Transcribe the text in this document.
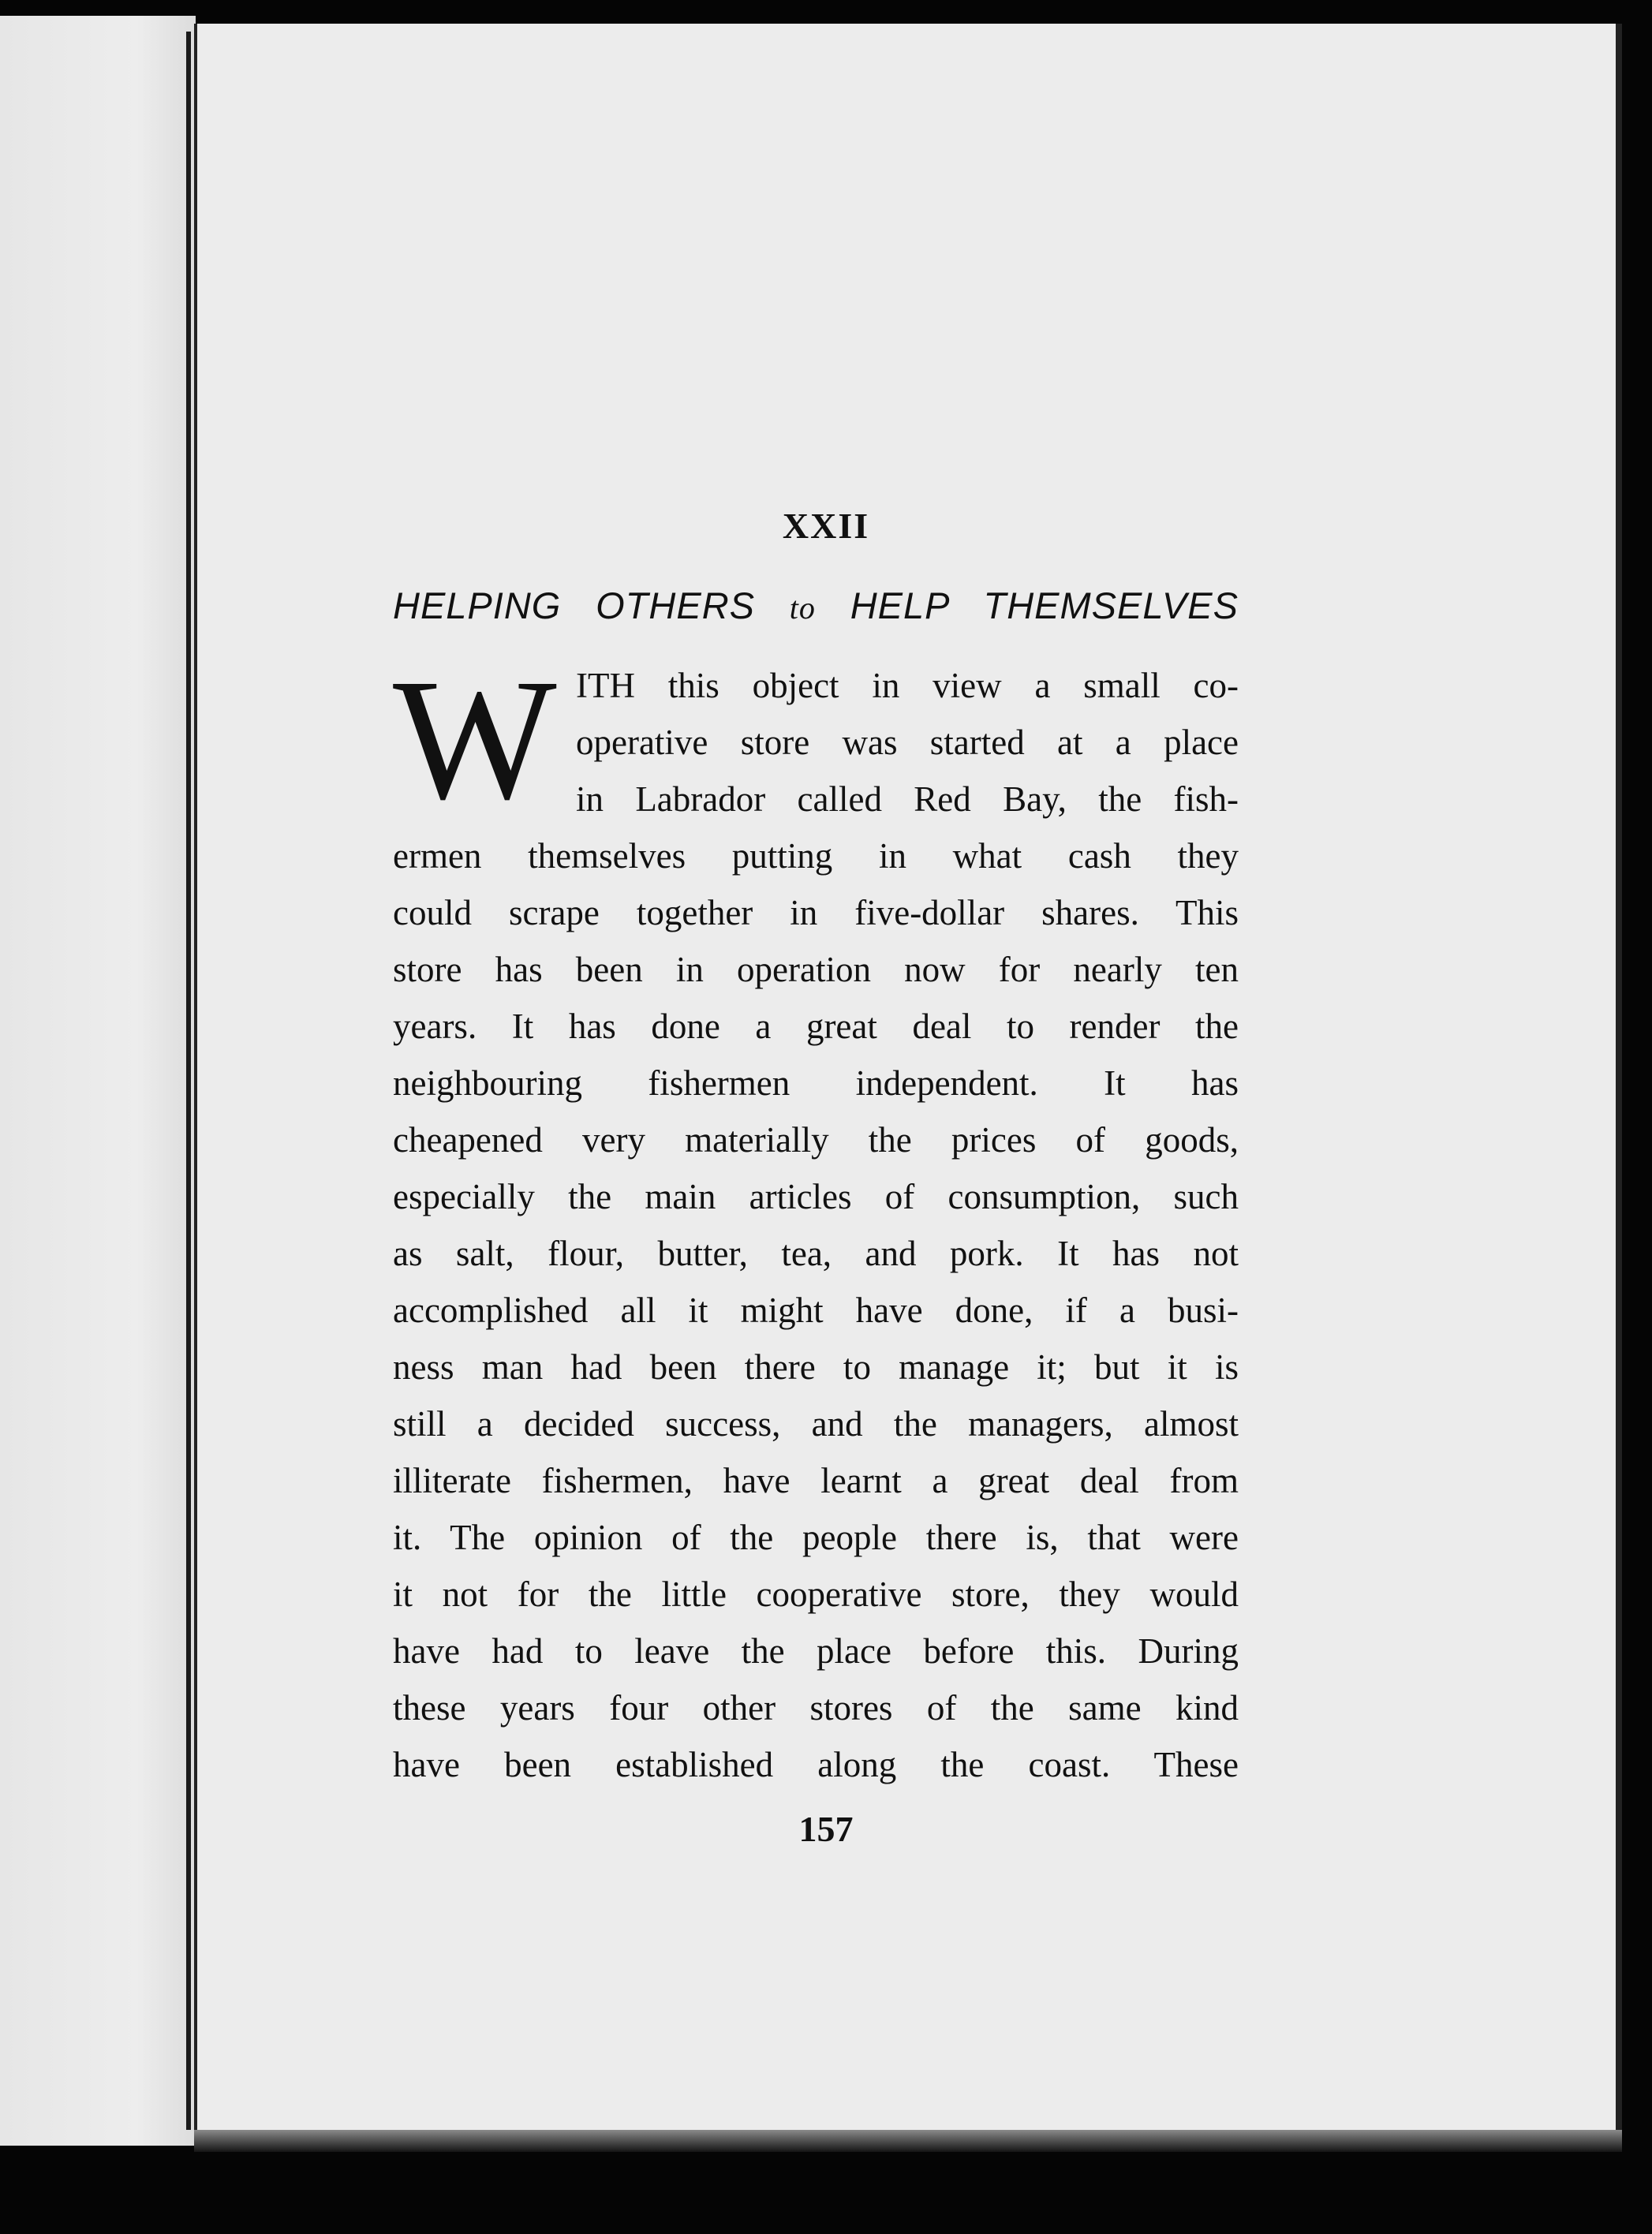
XXII
HELPING OTHERS to HELP THEMSELVES
W ITH this object in view a small co-
operative store was started at a place
in Labrador called Red Bay, the fish-
ermen themselves putting in what cash they
could scrape together in five-dollar shares. This
store has been in operation now for nearly ten
years. It has done a great deal to render the
neighbouring fishermen independent. It has
cheapened very materially the prices of goods,
especially the main articles of consumption, such
as salt, flour, butter, tea, and pork. It has not
accomplished all it might have done, if a busi-
ness man had been there to manage it; but it is
still a decided success, and the managers, almost
illiterate fishermen, have learnt a great deal from
it. The opinion of the people there is, that were
it not for the little cooperative store, they would
have had to leave the place before this. During
these years four other stores of the same kind
have been established along the coast. These
157
